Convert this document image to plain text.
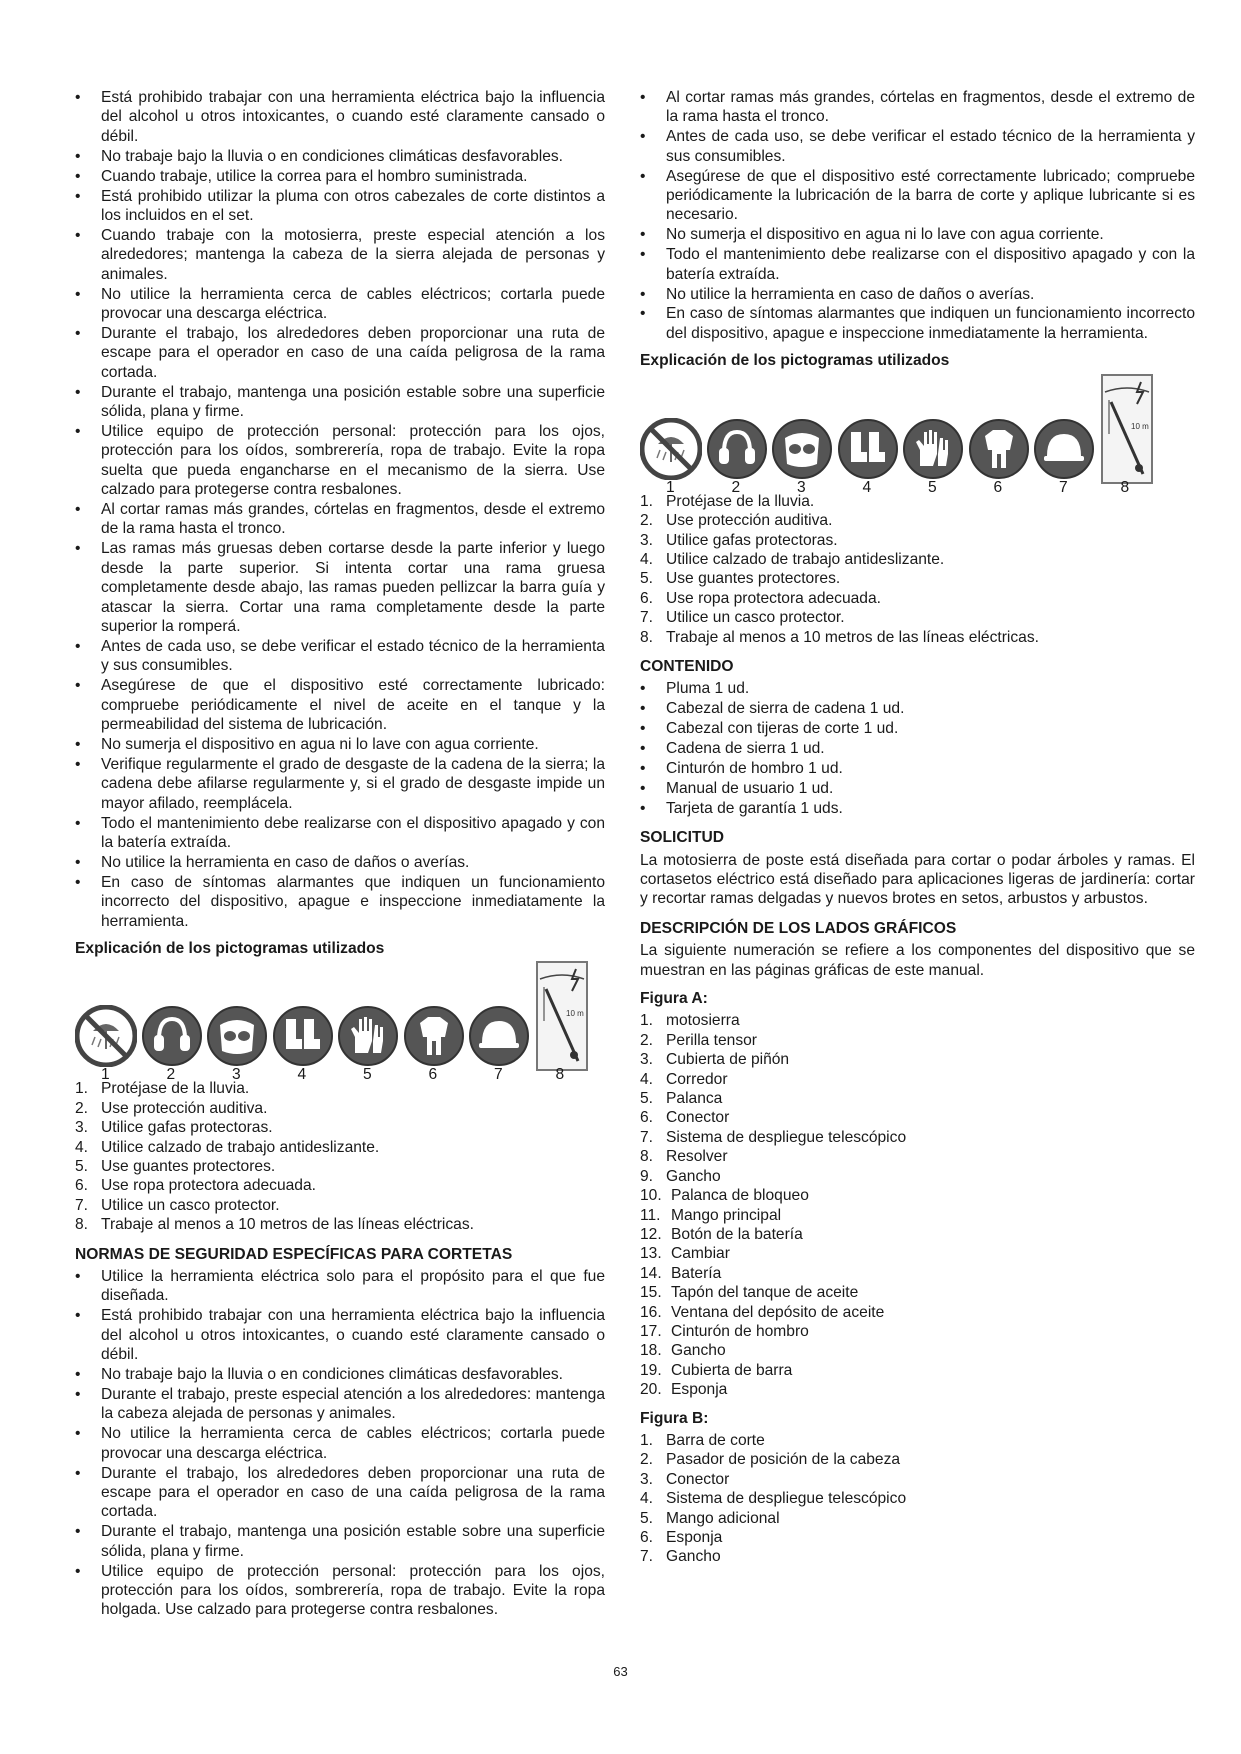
• Está prohibido trabajar con una herramienta eléctrica bajo la influencia del alcohol u otros intoxicantes, o cuando esté claramente cansado o débil.
• No trabaje bajo la lluvia o en condiciones climáticas desfavorables.
• Cuando trabaje, utilice la correa para el hombro suministrada.
• Está prohibido utilizar la pluma con otros cabezales de corte distintos a los incluidos en el set.
• Cuando trabaje con la motosierra, preste especial atención a los alrededores; mantenga la cabeza de la sierra alejada de personas y animales.
• No utilice la herramienta cerca de cables eléctricos; cortarla puede provocar una descarga eléctrica.
• Durante el trabajo, los alrededores deben proporcionar una ruta de escape para el operador en caso de una caída peligrosa de la rama cortada.
• Durante el trabajo, mantenga una posición estable sobre una superficie sólida, plana y firme.
• Utilice equipo de protección personal: protección para los ojos, protección para los oídos, sombrerería, ropa de trabajo. Evite la ropa suelta que pueda engancharse en el mecanismo de la sierra. Use calzado para protegerse contra resbalones.
• Al cortar ramas más grandes, córtelas en fragmentos, desde el extremo de la rama hasta el tronco.
• Las ramas más gruesas deben cortarse desde la parte inferior y luego desde la parte superior. Si intenta cortar una rama gruesa completamente desde abajo, las ramas pueden pellizcar la barra guía y atascar la sierra. Cortar una rama completamente desde la parte superior la romperá.
• Antes de cada uso, se debe verificar el estado técnico de la herramienta y sus consumibles.
• Asegúrese de que el dispositivo esté correctamente lubricado: compruebe periódicamente el nivel de aceite en el tanque y la permeabilidad del sistema de lubricación.
• No sumerja el dispositivo en agua ni lo lave con agua corriente.
• Verifique regularmente el grado de desgaste de la cadena de la sierra; la cadena debe afilarse regularmente y, si el grado de desgaste impide un mayor afilado, reemplácela.
• Todo el mantenimiento debe realizarse con el dispositivo apagado y con la batería extraída.
• No utilice la herramienta en caso de daños o averías.
• En caso de síntomas alarmantes que indiquen un funcionamiento incorrecto del dispositivo, apague e inspeccione inmediatamente la herramienta.
Explicación de los pictogramas utilizados
10 m
1	2	3	4	5	6	7	8
1. Protéjase de la lluvia.
2. Use protección auditiva.
3. Utilice gafas protectoras.
4. Utilice calzado de trabajo antideslizante.
5. Use guantes protectores.
6. Use ropa protectora adecuada.
7. Utilice un casco protector.
8. Trabaje al menos a 10 metros de las líneas eléctricas.
NORMAS DE SEGURIDAD ESPECÍFICAS PARA CORTETAS
• Utilice la herramienta eléctrica solo para el propósito para el que fue diseñada.
• Está prohibido trabajar con una herramienta eléctrica bajo la influencia del alcohol u otros intoxicantes, o cuando esté claramente cansado o débil.
• No trabaje bajo la lluvia o en condiciones climáticas desfavorables.
• Durante el trabajo, preste especial atención a los alrededores: mantenga la cabeza alejada de personas y animales.
• No utilice la herramienta cerca de cables eléctricos; cortarla puede provocar una descarga eléctrica.
• Durante el trabajo, los alrededores deben proporcionar una ruta de escape para el operador en caso de una caída peligrosa de la rama cortada.
• Durante el trabajo, mantenga una posición estable sobre una superficie sólida, plana y firme.
• Utilice equipo de protección personal: protección para los ojos, protección para los oídos, sombrerería, ropa de trabajo. Evite la ropa holgada. Use calzado para protegerse contra resbalones.
• Al cortar ramas más grandes, córtelas en fragmentos, desde el extremo de la rama hasta el tronco.
• Antes de cada uso, se debe verificar el estado técnico de la herramienta y sus consumibles.
• Asegúrese de que el dispositivo esté correctamente lubricado; compruebe periódicamente la lubricación de la barra de corte y aplique lubricante si es necesario.
• No sumerja el dispositivo en agua ni lo lave con agua corriente.
• Todo el mantenimiento debe realizarse con el dispositivo apagado y con la batería extraída.
• No utilice la herramienta en caso de daños o averías.
• En caso de síntomas alarmantes que indiquen un funcionamiento incorrecto del dispositivo, apague e inspeccione inmediatamente la herramienta.
Explicación de los pictogramas utilizados
10 m
1	2	3	4	5	6	7	8
1. Protéjase de la lluvia.
2. Use protección auditiva.
3. Utilice gafas protectoras.
4. Utilice calzado de trabajo antideslizante.
5. Use guantes protectores.
6. Use ropa protectora adecuada.
7. Utilice un casco protector.
8. Trabaje al menos a 10 metros de las líneas eléctricas.
CONTENIDO
• Pluma 1 ud.
• Cabezal de sierra de cadena 1 ud.
• Cabezal con tijeras de corte 1 ud.
• Cadena de sierra 1 ud.
• Cinturón de hombro 1 ud.
• Manual de usuario 1 ud.
• Tarjeta de garantía 1 uds.
SOLICITUD

La motosierra de poste está diseñada para cortar o podar árboles y ramas. El cortasetos eléctrico está diseñado para aplicaciones ligeras de jardinería: cortar y recortar ramas delgadas y nuevos brotes en setos, arbustos y arbustos.

DESCRIPCIÓN DE LOS LADOS GRÁFICOS

La siguiente numeración se refiere a los componentes del dispositivo que se muestran en las páginas gráficas de este manual.

Figura A:
1. motosierra
2. Perilla tensor
3. Cubierta de piñón
4. Corredor
5. Palanca
6. Conector
7. Sistema de despliegue telescópico
8. Resolver
9. Gancho
10. Palanca de bloqueo
11. Mango principal
12. Botón de la batería
13. Cambiar
14. Batería
15. Tapón del tanque de aceite
16. Ventana del depósito de aceite
17. Cinturón de hombro
18. Gancho
19. Cubierta de barra
20. Esponja
Figura B:
1. Barra de corte
2. Pasador de posición de la cabeza
3. Conector
4. Sistema de despliegue telescópico
5. Mango adicional
6. Esponja
7. Gancho
63
